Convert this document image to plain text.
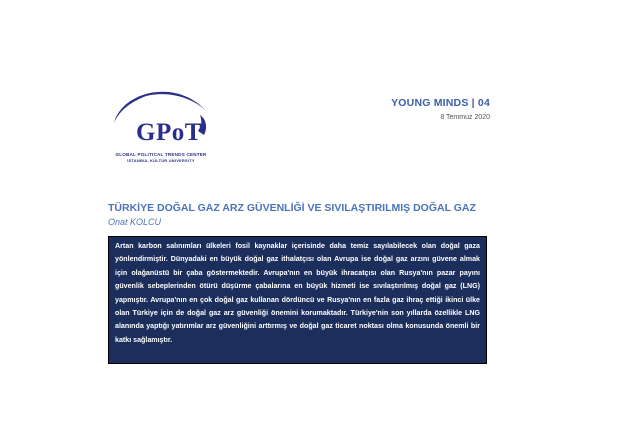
GPoT
GLOBAL POLITICAL TRENDS CENTER
İSTANBUL KÜLTÜR UNIVERSITY
YOUNG MINDS | 04
8 Temmuz 2020
TÜRKİYE DOĞAL GAZ ARZ GÜVENLİĞİ VE SIVILAŞTIRILMIŞ DOĞAL GAZ
Onat KOLCU
Artan karbon salınımları ülkeleri fosil kaynaklar içerisinde daha temiz sayılabilecek olan doğal gaza yönlendirmiştir. Dünyadaki en büyük doğal gaz ithalatçısı olan Avrupa ise doğal gaz arzını güvene almak için olağanüstü bir çaba göstermektedir. Avrupa'nın en büyük ihracatçısı olan Rusya'nın pazar payını güvenlik sebeplerinden ötürü düşürme çabalarına en büyük hizmeti ise sıvılaştırılmış doğal gaz (LNG) yapmıştır. Avrupa'nın en çok doğal gaz kullanan dördüncü ve Rusya'nın en fazla gaz ihraç ettiği ikinci ülke olan Türkiye için de doğal gaz arz güvenliği önemini korumaktadır. Türkiye'nin son yıllarda özellikle LNG alanında yaptığı yatırımlar arz güvenliğini arttırmış ve doğal gaz ticaret noktası olma konusunda önemli bir katkı sağlamıştır.
